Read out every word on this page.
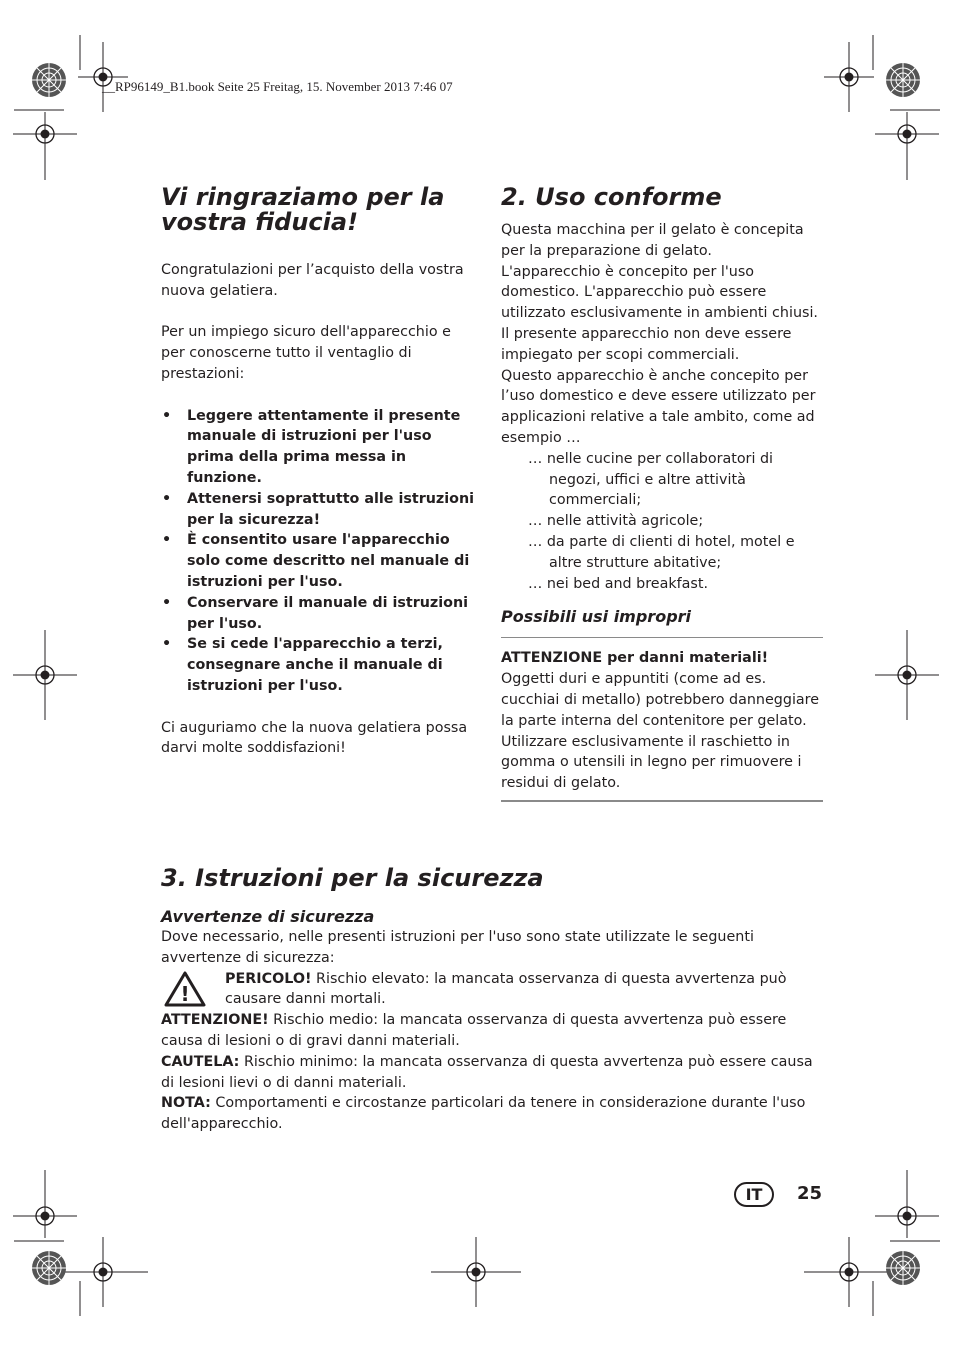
__RP96149_B1.book Seite 25 Freitag, 15. November 2013 7:46 07

Vi ringraziamo per la vostra fiducia!

Congratulazioni per l’acquisto della vostra nuova gelatiera.

Per un impiego sicuro dell'apparecchio e per conoscerne tutto il ventaglio di prestazioni:

• Leggere attentamente il presente manuale di istruzioni per l'uso prima della prima messa in funzione.
• Attenersi soprattutto alle istruzioni per la sicurezza!
• È consentito usare l'apparecchio solo come descritto nel manuale di istruzioni per l'uso.
• Conservare il manuale di istruzioni per l'uso.
• Se si cede l'apparecchio a terzi, consegnare anche il manuale di istruzioni per l'uso.

Ci auguriamo che la nuova gelatiera possa darvi molte soddisfazioni!

2. Uso conforme

Questa macchina per il gelato è concepita per la preparazione di gelato.

L'apparecchio è concepito per l'uso domestico. L'apparecchio può essere utilizzato esclusivamente in ambienti chiusi.

Il presente apparecchio non deve essere impiegato per scopi commerciali.

Questo apparecchio è anche concepito per l’uso domestico e deve essere utilizzato per applicazioni relative a tale ambito, come ad esempio …

… nelle cucine per collaboratori di negozi, uffici e altre attività commerciali;
… nelle attività agricole;
… da parte di clienti di hotel, motel e altre strutture abitative;
… nei bed and breakfast.
Possibili usi impropri

ATTENZIONE per danni materiali!

Oggetti duri e appuntiti (come ad es. cucchiai di metallo) potrebbero danneggiare la parte interna del contenitore per gelato. Utilizzare esclusivamente il raschietto in gomma o utensili in legno per rimuovere i residui di gelato.

3. Istruzioni per la sicurezza
Avvertenze di sicurezza

Dove necessario, nelle presenti istruzioni per l'uso sono state utilizzate le seguenti avvertenze di sicurezza:

!

PERICOLO! Rischio elevato: la mancata osservanza di questa avvertenza può causare danni mortali.

ATTENZIONE! Rischio medio: la mancata osservanza di questa avvertenza può essere causa di lesioni o di gravi danni materiali.

CAUTELA: Rischio minimo: la mancata osservanza di questa avvertenza può essere causa di lesioni lievi o di danni materiali.

NOTA: Comportamenti e circostanze particolari da tenere in considerazione durante l'uso dell'apparecchio.

IT	25
